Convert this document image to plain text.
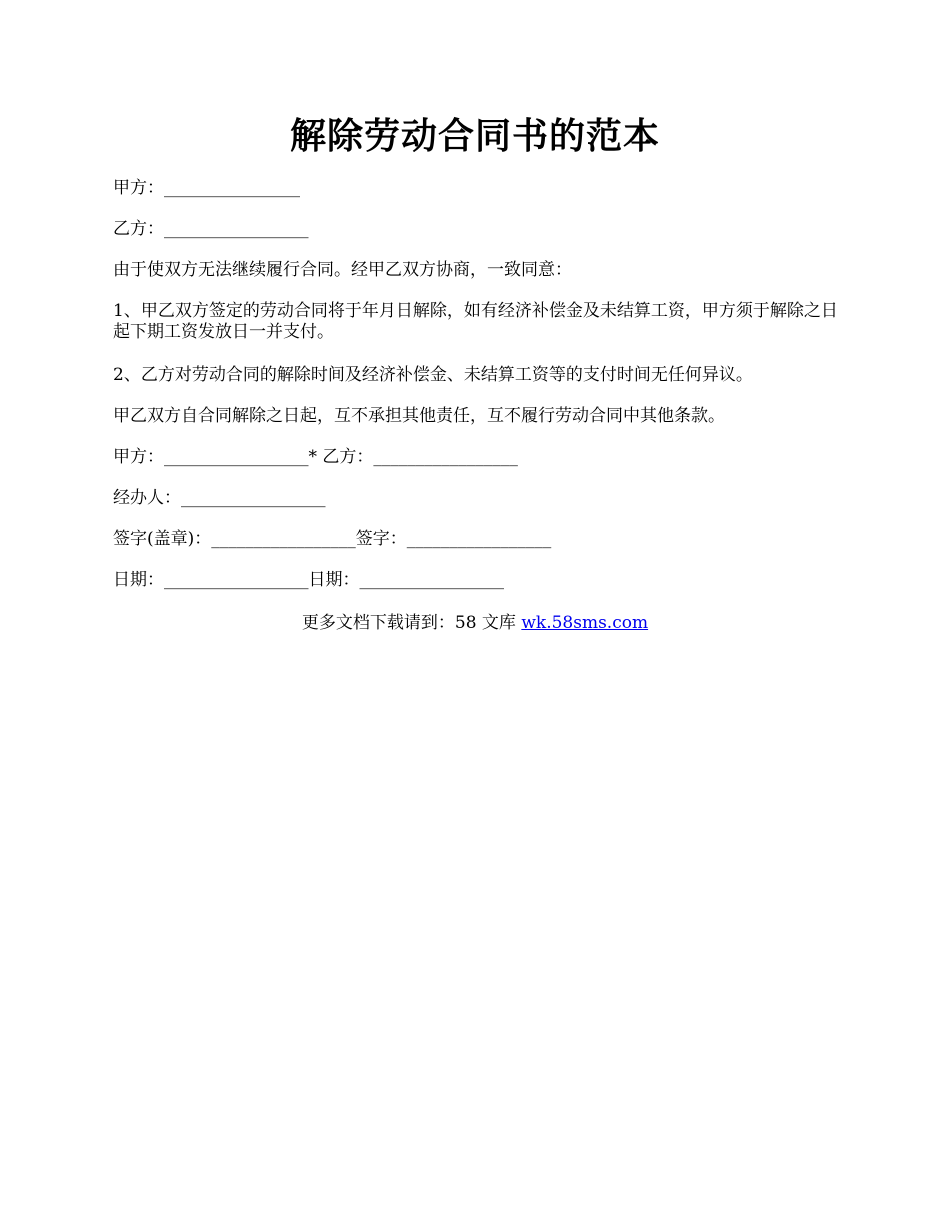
解除劳动合同书的范本

甲方：________________

乙方：_________________

由于使双方无法继续履行合同。经甲乙双方协商，一致同意：

1、甲乙双方签定的劳动合同将于年月日解除，如有经济补偿金及未结算工资，甲方须于解除之日起下期工资发放日一并支付。

2、乙方对劳动合同的解除时间及经济补偿金、未结算工资等的支付时间无任何异议。

甲乙双方自合同解除之日起，互不承担其他责任，互不履行劳动合同中其他条款。

甲方：_________________* 乙方：_________________

经办人：_________________

签字(盖章)：_________________签字：_________________

日期：_________________日期：_________________

更多文档下载请到：58 文库 wk.58sms.com
